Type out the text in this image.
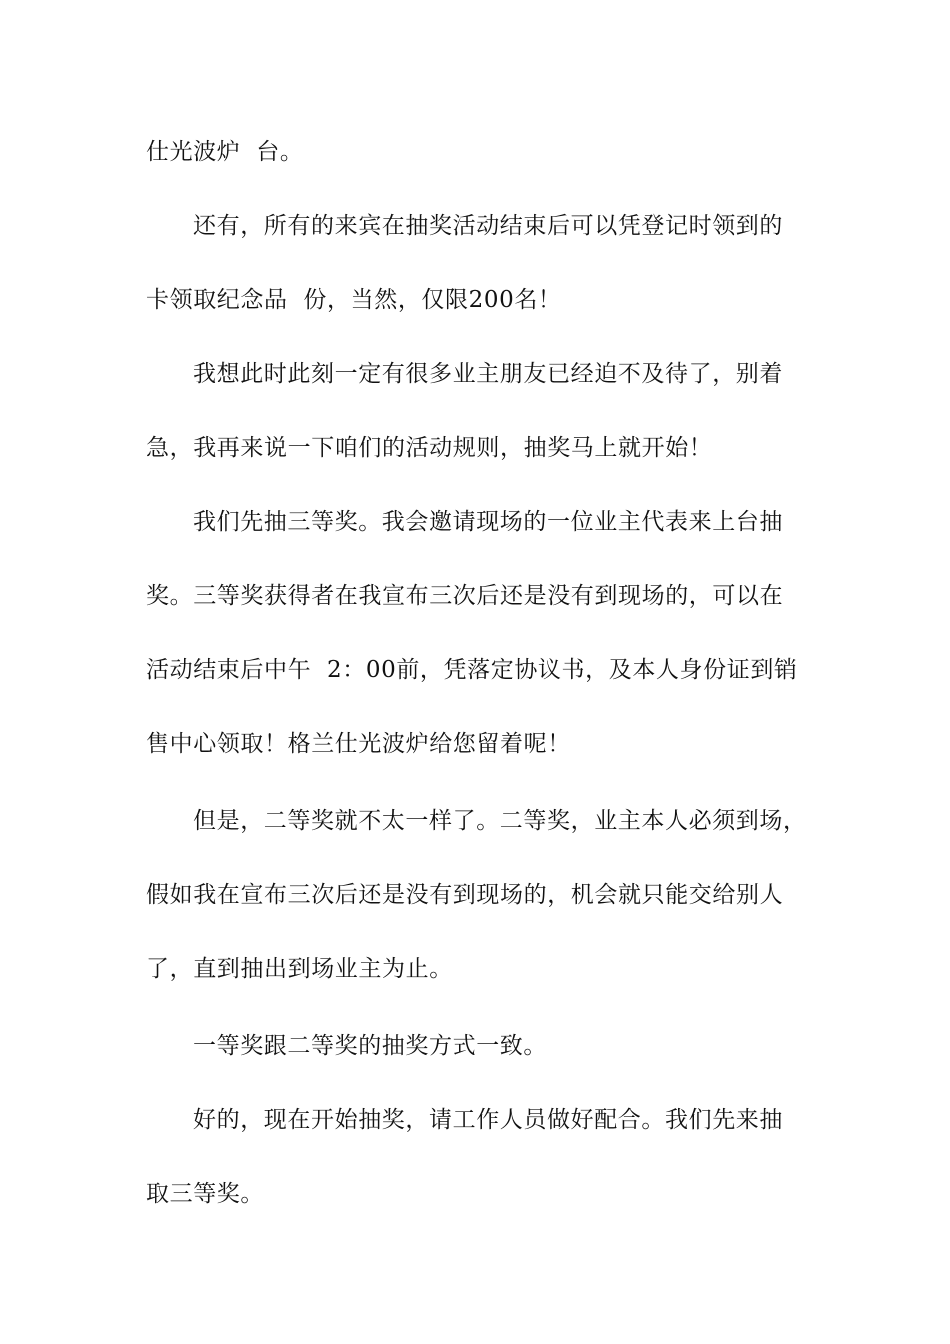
仕光波炉  台。
还有，所有的来宾在抽奖活动结束后可以凭登记时领到的
卡领取纪念品  份，当然，仅限200名！
我想此时此刻一定有很多业主朋友已经迫不及待了，别着
急，我再来说一下咱们的活动规则，抽奖马上就开始！
我们先抽三等奖。我会邀请现场的一位业主代表来上台抽
奖。三等奖获得者在我宣布三次后还是没有到现场的，可以在
活动结束后中午  2：00前，凭落定协议书，及本人身份证到销
售中心领取！格兰仕光波炉给您留着呢！
但是，二等奖就不太一样了。二等奖，业主本人必须到场，
假如我在宣布三次后还是没有到现场的，机会就只能交给别人
了，直到抽出到场业主为止。
一等奖跟二等奖的抽奖方式一致。
好的，现在开始抽奖，请工作人员做好配合。我们先来抽
取三等奖。
